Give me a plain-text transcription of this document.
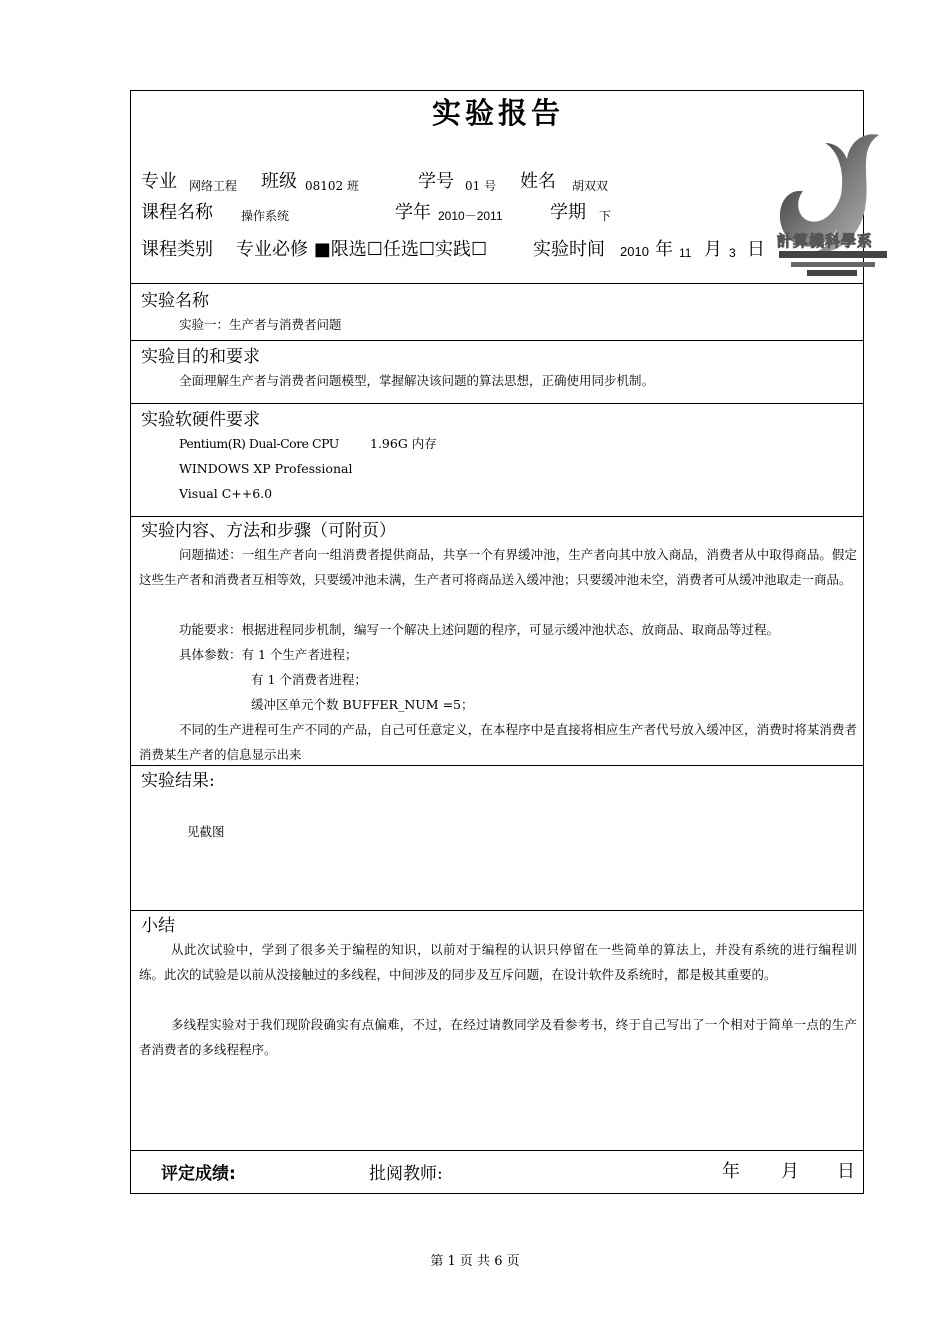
实验报告
計算機科學系
专业 网络工程 班级 08102 班	学号 01 号 姓名 胡双双
课程名称 操作系统	学年 2010－2011	学期 下
课程类别 专业必修 ■限选☐任选☐实践☐	实验时间 2010 年 11 月 3 日
实验名称
实验一：生产者与消费者问题
实验目的和要求
全面理解生产者与消费者问题模型，掌握解决该问题的算法思想，正确使用同步机制。
实验软硬件要求
Pentium(R) Dual-Core CPU 1.96G 内存
WINDOWS XP Professional
Visual C++6.0
实验内容、方法和步骤（可附页）
问题描述：一组生产者向一组消费者提供商品，共享一个有界缓冲池，生产者向其中放入商品，消费者从中取得商品。假定这些生产者和消费者互相等效，只要缓冲池未满，生产者可将商品送入缓冲池；只要缓冲池未空，消费者可从缓冲池取走一商品。
功能要求：根据进程同步机制，编写一个解决上述问题的程序，可显示缓冲池状态、放商品、取商品等过程。
具体参数：有 1 个生产者进程；
有 1 个消费者进程；
缓冲区单元个数 BUFFER_NUM =5；
不同的生产进程可生产不同的产品，自己可任意定义，在本程序中是直接将相应生产者代号放入缓冲区，消费时将某消费者消费某生产者的信息显示出来
实验结果:
见截图
小结
从此次试验中，学到了很多关于编程的知识，以前对于编程的认识只停留在一些简单的算法上，并没有系统的进行编程训练。此次的试验是以前从没接触过的多线程，中间涉及的同步及互斥问题，在设计软件及系统时，都是极其重要的。
多线程实验对于我们现阶段确实有点偏难，不过，在经过请教同学及看参考书，终于自己写出了一个相对于简单一点的生产者消费者的多线程程序。
评定成绩:	批阅教师:	年 月 日
第 1 页 共 6 页
